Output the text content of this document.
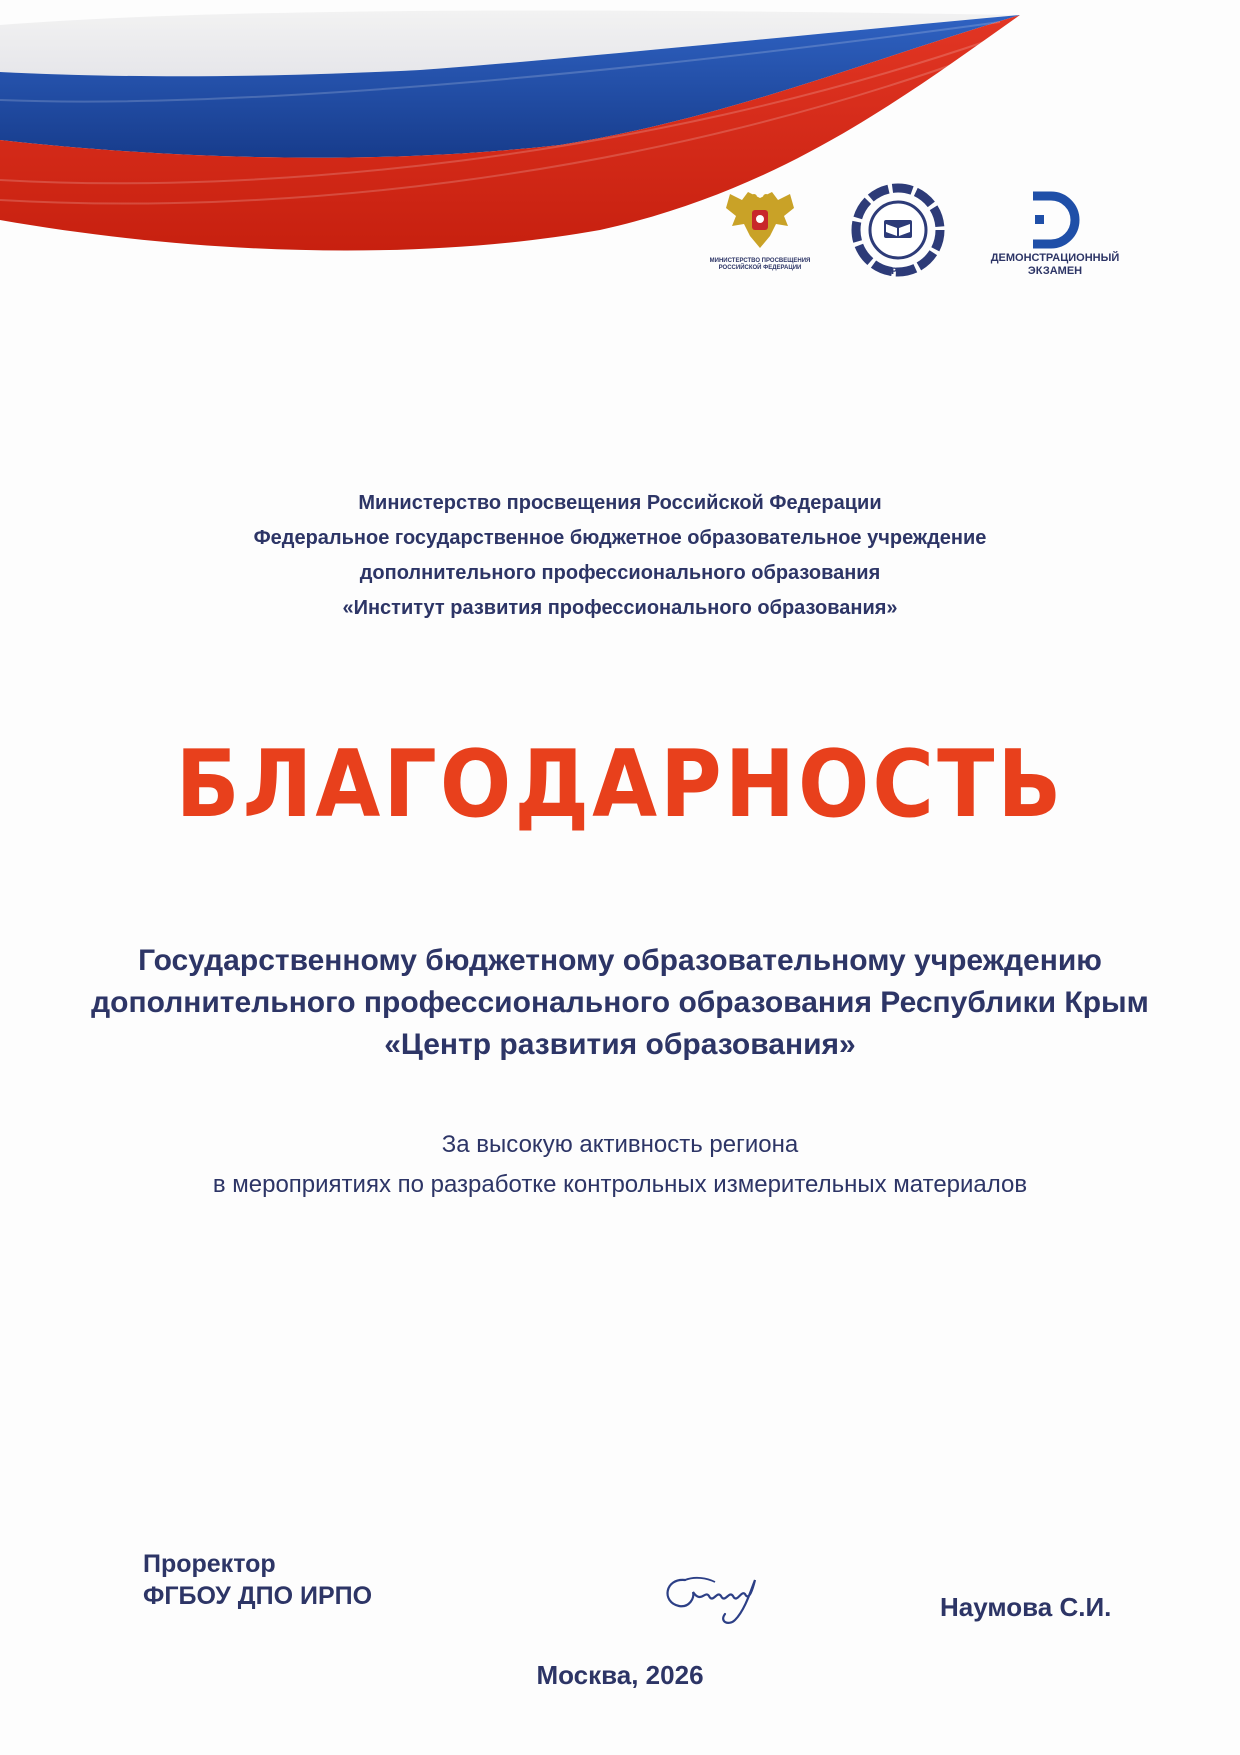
МИНИСТЕРСТВО ПРОСВЕЩЕНИЯ
РОССИЙСКОЙ ФЕДЕРАЦИИ	ИРПО
ДЕМОНСТРАЦИОННЫЙ
ЭКЗАМЕН
Министерство просвещения Российской Федерации
Федеральное государственное бюджетное образовательное учреждение
дополнительного профессионального образования
«Институт развития профессионального образования»
БЛАГОДАРНОСТЬ
Государственному бюджетному образовательному учреждению
дополнительного профессионального образования Республики Крым
«Центр развития образования»
За высокую активность региона
в мероприятиях по разработке контрольных измерительных материалов
Проректор
ФГБОУ ДПО ИРПО	Наумова С.И.
Москва, 2026
